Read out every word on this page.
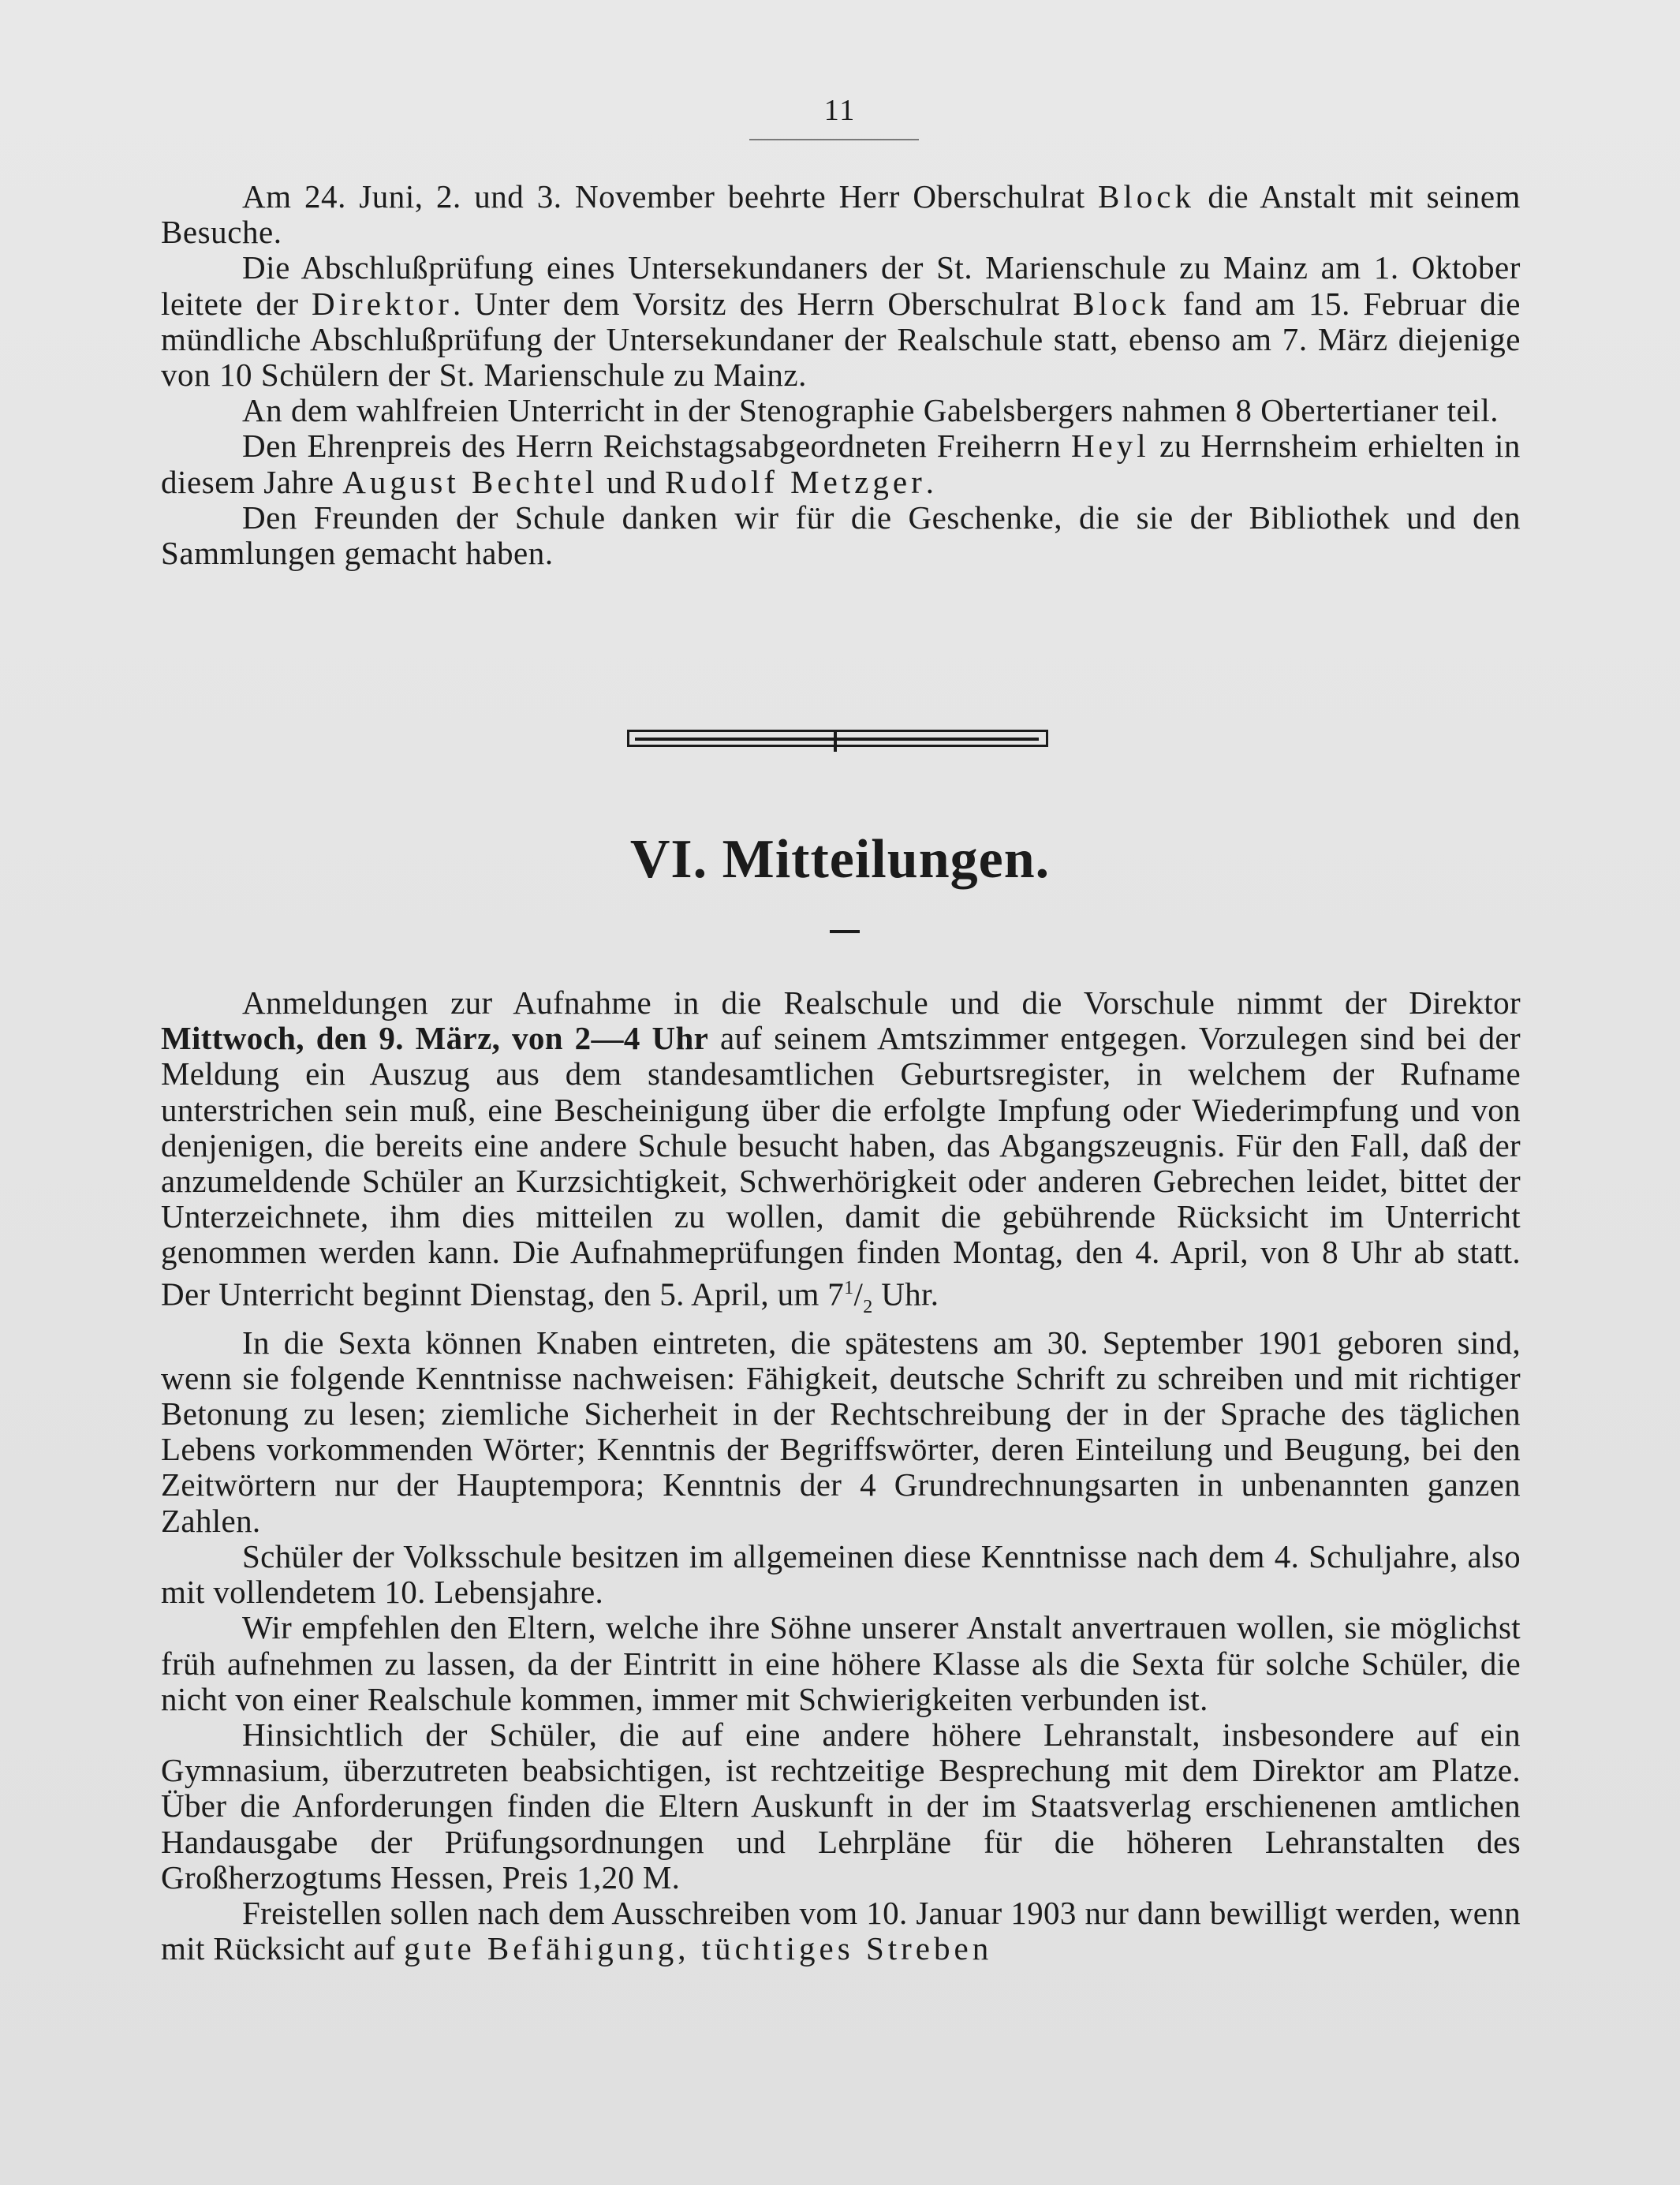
11

Am 24. Juni, 2. und 3. November beehrte Herr Oberschulrat Block die Anstalt mit seinem Besuche.

Die Abschlußprüfung eines Untersekundaners der St. Marienschule zu Mainz am 1. Oktober leitete der Direktor. Unter dem Vorsitz des Herrn Oberschulrat Block fand am 15. Februar die mündliche Abschlußprüfung der Untersekundaner der Realschule statt, ebenso am 7. März diejenige von 10 Schülern der St. Marienschule zu Mainz.

An dem wahlfreien Unterricht in der Stenographie Gabelsbergers nahmen 8 Obertertianer teil.

Den Ehrenpreis des Herrn Reichstagsabgeordneten Freiherrn Heyl zu Herrnsheim erhielten in diesem Jahre August Bechtel und Rudolf Metzger.

Den Freunden der Schule danken wir für die Geschenke, die sie der Bibliothek und den Sammlungen gemacht haben.

VI. Mitteilungen.

Anmeldungen zur Aufnahme in die Realschule und die Vorschule nimmt der Direktor Mittwoch, den 9. März, von 2—4 Uhr auf seinem Amtszimmer entgegen. Vorzulegen sind bei der Meldung ein Auszug aus dem standesamtlichen Geburtsregister, in welchem der Rufname unterstrichen sein muß, eine Bescheinigung über die erfolgte Impfung oder Wiederimpfung und von denjenigen, die bereits eine andere Schule besucht haben, das Abgangszeugnis. Für den Fall, daß der anzumeldende Schüler an Kurzsichtigkeit, Schwerhörigkeit oder anderen Gebrechen leidet, bittet der Unterzeichnete, ihm dies mitteilen zu wollen, damit die gebührende Rücksicht im Unterricht genommen werden kann. Die Aufnahmeprüfungen finden Montag, den 4. April, von 8 Uhr ab statt. Der Unterricht beginnt Dienstag, den 5. April, um $7^1/_2$ Uhr.

In die Sexta können Knaben eintreten, die spätestens am 30. September 1901 geboren sind, wenn sie folgende Kenntnisse nachweisen: Fähigkeit, deutsche Schrift zu schreiben und mit richtiger Betonung zu lesen; ziemliche Sicherheit in der Rechtschreibung der in der Sprache des täglichen Lebens vorkommenden Wörter; Kenntnis der Begriffswörter, deren Einteilung und Beugung, bei den Zeitwörtern nur der Hauptempora; Kenntnis der 4 Grundrechnungsarten in unbenannten ganzen Zahlen.

Schüler der Volksschule besitzen im allgemeinen diese Kenntnisse nach dem 4. Schuljahre, also mit vollendetem 10. Lebensjahre.

Wir empfehlen den Eltern, welche ihre Söhne unserer Anstalt anvertrauen wollen, sie möglichst früh aufnehmen zu lassen, da der Eintritt in eine höhere Klasse als die Sexta für solche Schüler, die nicht von einer Realschule kommen, immer mit Schwierigkeiten verbunden ist.

Hinsichtlich der Schüler, die auf eine andere höhere Lehranstalt, insbesondere auf ein Gymnasium, überzutreten beabsichtigen, ist rechtzeitige Besprechung mit dem Direktor am Platze. Über die Anforderungen finden die Eltern Auskunft in der im Staatsverlag erschienenen amtlichen Handausgabe der Prüfungsordnungen und Lehrpläne für die höheren Lehranstalten des Großherzogtums Hessen, Preis 1,20 M.

Freistellen sollen nach dem Ausschreiben vom 10. Januar 1903 nur dann bewilligt werden, wenn mit Rücksicht auf gute Befähigung, tüchtiges Streben
